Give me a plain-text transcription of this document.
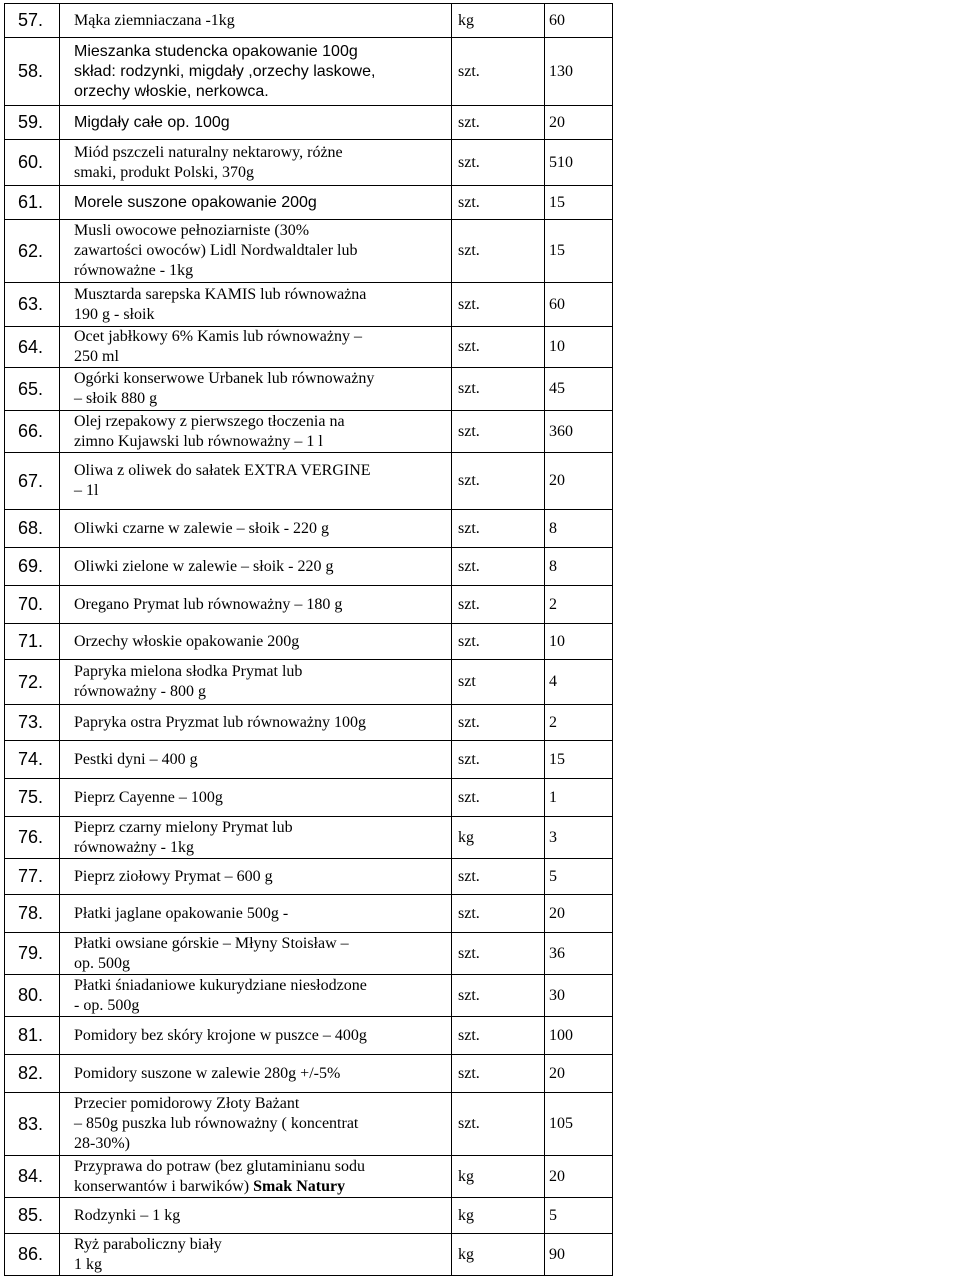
57.	Mąka ziemniaczana -1kg	kg	60
58.	Mieszanka studencka opakowanie 100g
skład: rodzynki, migdały ,orzechy laskowe,
orzechy włoskie, nerkowca.	szt.	130
59.	Migdały całe op. 100g	szt.	20
60.	Miód pszczeli naturalny nektarowy, różne
smaki, produkt Polski, 370g	szt.	510
61.	Morele suszone opakowanie 200g	szt.	15
62.	Musli owocowe pełnoziarniste (30%
zawartości owoców) Lidl Nordwaldtaler lub
równoważne - 1kg	szt.	15
63.	Musztarda sarepska KAMIS lub równoważna
190 g - słoik	szt.	60
64.	Ocet jabłkowy 6% Kamis lub równoważny –
250 ml	szt.	10
65.	Ogórki konserwowe Urbanek lub równoważny
– słoik 880 g	szt.	45
66.	Olej rzepakowy z pierwszego tłoczenia na
zimno Kujawski lub równoważny – 1 l	szt.	360
67.	Oliwa z oliwek do sałatek EXTRA VERGINE
– 1l	szt.	20
68.	Oliwki czarne w zalewie – słoik - 220 g	szt.	8
69.	Oliwki zielone w zalewie – słoik - 220 g	szt.	8
70.	Oregano Prymat lub równoważny – 180 g	szt.	2
71.	Orzechy włoskie opakowanie 200g	szt.	10
72.	Papryka mielona słodka Prymat lub
równoważny - 800 g	szt	4
73.	Papryka ostra Pryzmat lub równoważny 100g	szt.	2
74.	Pestki dyni – 400 g	szt.	15
75.	Pieprz Cayenne – 100g	szt.	1
76.	Pieprz czarny mielony Prymat lub
równoważny - 1kg	kg	3
77.	Pieprz ziołowy Prymat – 600 g	szt.	5
78.	Płatki jaglane opakowanie 500g -	szt.	20
79.	Płatki owsiane górskie – Młyny Stoisław –
op. 500g	szt.	36
80.	Płatki śniadaniowe kukurydziane niesłodzone
- op. 500g	szt.	30
81.	Pomidory bez skóry krojone w puszce – 400g	szt.	100
82.	Pomidory suszone w zalewie 280g +/-5%	szt.	20
83.	Przecier pomidorowy Złoty Bażant
– 850g puszka lub równoważny ( koncentrat
28-30%)	szt.	105
84.	Przyprawa do potraw (bez glutaminianu sodu
konserwantów i barwików) Smak Natury	kg	20
85.	Rodzynki – 1 kg	kg	5
86.	Ryż paraboliczny biały
1 kg	kg	90
